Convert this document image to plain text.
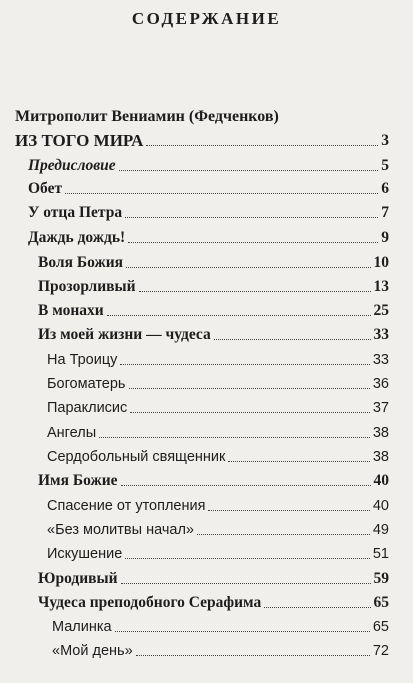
СОДЕРЖАНИЕ
Митрополит Вениамин (Федченков)
ИЗ ТОГО МИРА	3
Предисловие	5
Обет	6
У отца Петра	7
Даждь дождь!	9
Воля Божия	10
Прозорливый	13
В монахи	25
Из моей жизни — чудеса	33
На Троицу	33
Богоматерь	36
Параклисис	37
Ангелы	38
Сердобольный священник	38
Имя Божие	40
Спасение от утопления	40
«Без молитвы начал»	49
Искушение	51
Юродивый	59
Чудеса преподобного Серафима	65
Малинка	65
«Мой день»	72
